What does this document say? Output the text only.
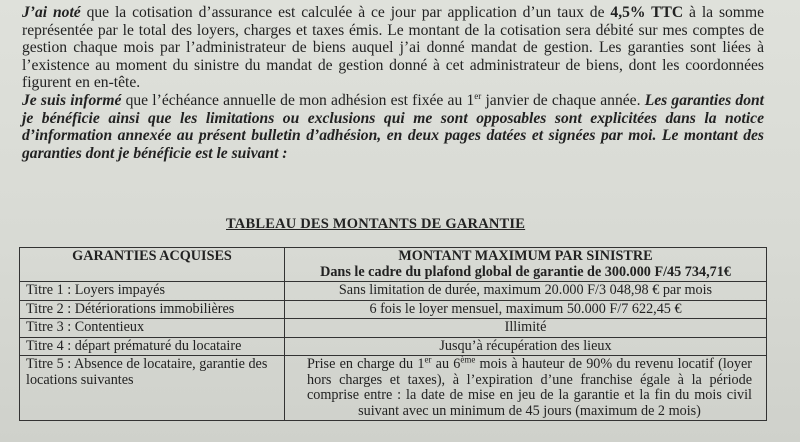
J’ai noté que la cotisation d’assurance est calculée à ce jour par application d’un taux de 4,5% TTC à la somme représentée par le total des loyers, charges et taxes émis. Le montant de la cotisation sera débité sur mes comptes de gestion chaque mois par l’administrateur de biens auquel j’ai donné mandat de gestion. Les garanties sont liées à l’existence au moment du sinistre du mandat de gestion donné à cet administrateur de biens, dont les coordonnées figurent en en-tête.

Je suis informé que l’échéance annuelle de mon adhésion est fixée au 1er janvier de chaque année. Les garanties dont je bénéficie ainsi que les limitations ou exclusions qui me sont opposables sont explicitées dans la notice d’information annexée au présent bulletin d’adhésion, en deux pages datées et signées par moi. Le montant des garanties dont je bénéficie est le suivant :

TABLEAU DES MONTANTS DE GARANTIE
GARANTIES ACQUISES	MONTANT MAXIMUM PAR SINISTRE
Dans le cadre du plafond global de garantie de 300.000 F/45 734,71€

Titre 1 : Loyers impayés	Sans limitation de durée, maximum 20.000 F/3 048,98 € par mois
Titre 2 : Détériorations immobilières	6 fois le loyer mensuel, maximum 50.000 F/7 622,45 €
Titre 3 : Contentieux	Illimité
Titre 4 : départ prématuré du locataire	Jusqu’à récupération des lieux
Titre 5 : Absence de locataire, garantie des locations suivantes	Prise en charge du 1er au 6ème mois à hauteur de 90% du revenu locatif (loyer hors charges et taxes), à l’expiration d’une franchise égale à la période comprise entre : la date de mise en jeu de la garantie et la fin du mois civil suivant avec un minimum de 45 jours (maximum de 2 mois)
